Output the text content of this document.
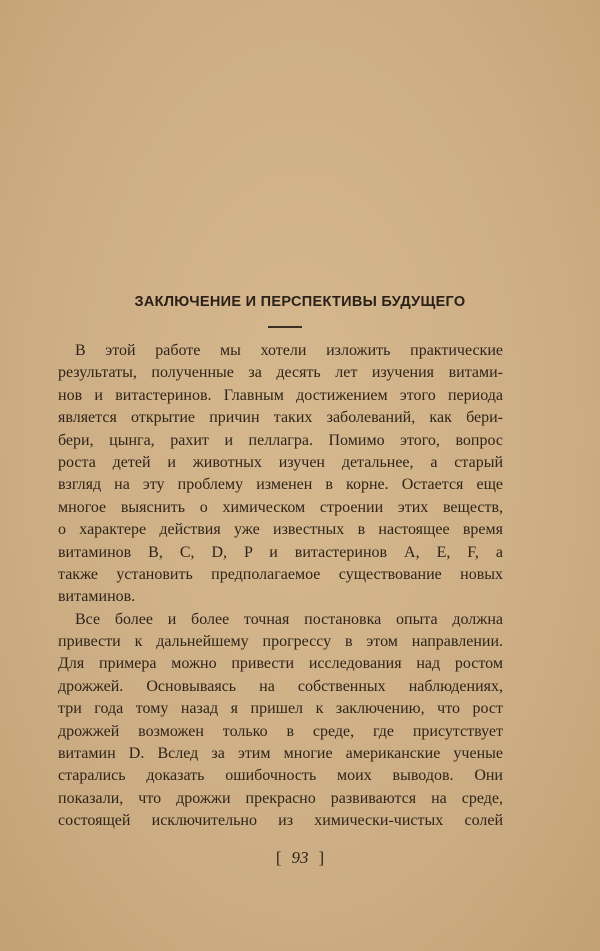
ЗАКЛЮЧЕНИЕ И ПЕРСПЕКТИВЫ БУДУЩЕГО
В этой работе мы хотели изложить практические
результаты, полученные за десять лет изучения витами-
нов и витастеринов. Главным достижением этого периода
является открытие причин таких заболеваний, как бери-
бери, цынга, рахит и пеллагра. Помимо этого, вопрос
роста детей и животных изучен детальнее, а старый
взгляд на эту проблему изменен в корне. Остается еще
многое выяснить о химическом строении этих веществ,
о характере действия уже известных в настоящее время
витаминов B, C, D, P и витастеринов A, E, F, а
также установить предполагаемое существование новых
витаминов.
Все более и более точная постановка опыта должна
привести к дальнейшему прогрессу в этом направлении.
Для примера можно привести исследования над ростом
дрожжей. Основываясь на собственных наблюдениях,
три года тому назад я пришел к заключению, что рост
дрожжей возможен только в среде, где присутствует
витамин D. Вслед за этим многие американские ученые
старались доказать ошибочность моих выводов. Они
показали, что дрожжи прекрасно развиваются на среде,
состоящей исключительно из химически-чистых солей
[ 93 ]
